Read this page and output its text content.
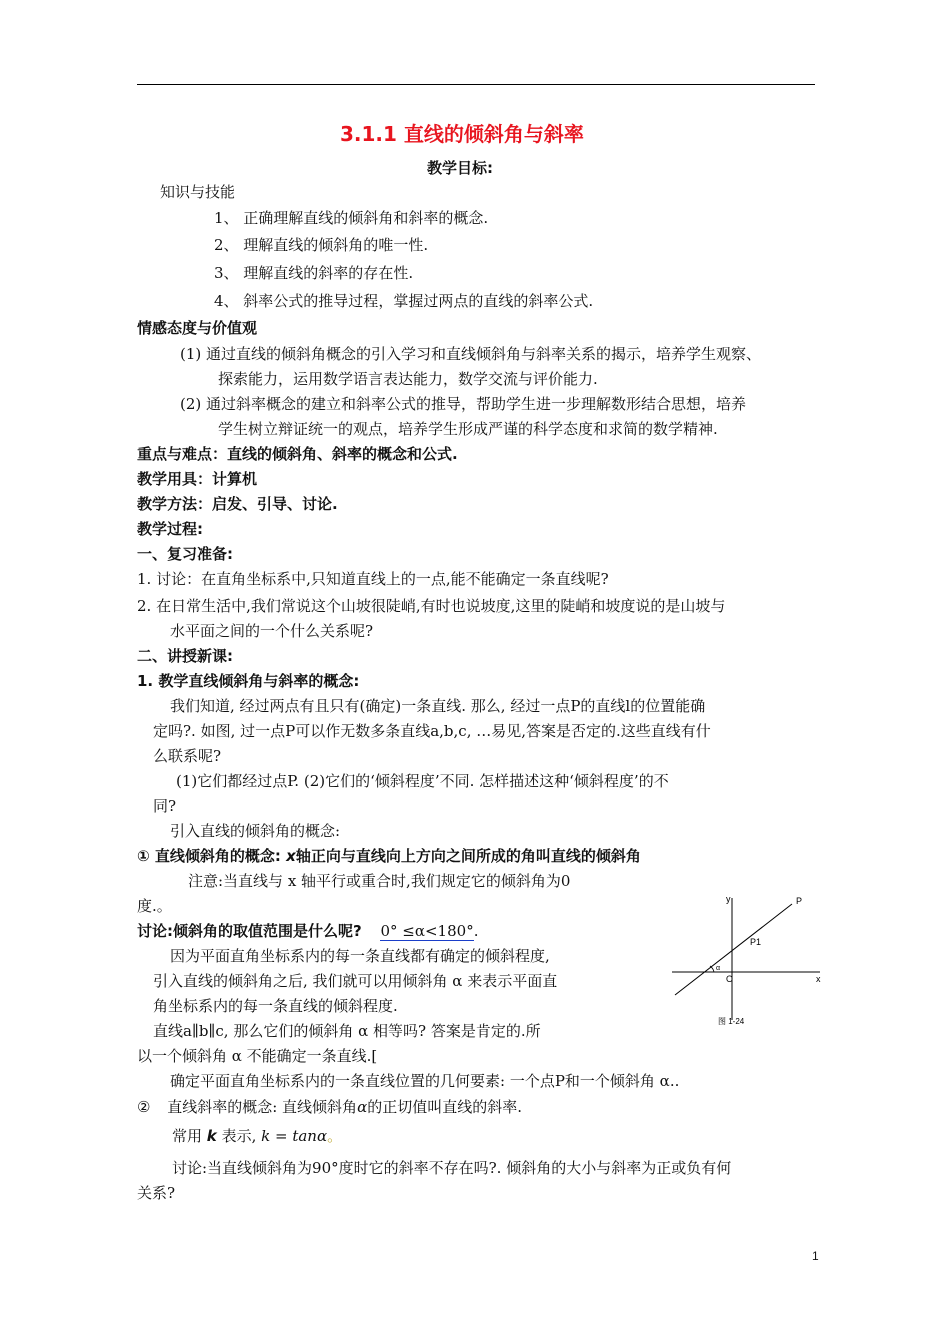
3.1.1 直线的倾斜角与斜率
教学目标:
知识与技能
1、 正确理解直线的倾斜角和斜率的概念.
2、 理解直线的倾斜角的唯一性.
3、 理解直线的斜率的存在性.
4、 斜率公式的推导过程，掌握过两点的直线的斜率公式.
情感态度与价值观
(1) 通过直线的倾斜角概念的引入学习和直线倾斜角与斜率关系的揭示，培养学生观察、
探索能力，运用数学语言表达能力，数学交流与评价能力.
(2) 通过斜率概念的建立和斜率公式的推导，帮助学生进一步理解数形结合思想，培养
学生树立辩证统一的观点，培养学生形成严谨的科学态度和求简的数学精神.
重点与难点：直线的倾斜角、斜率的概念和公式.
教学用具：计算机
教学方法：启发、引导、讨论.
教学过程:
一、复习准备:
1. 讨论：在直角坐标系中,只知道直线上的一点,能不能确定一条直线呢?
2. 在日常生活中,我们常说这个山坡很陡峭,有时也说坡度,这里的陡峭和坡度说的是山坡与
水平面之间的一个什么关系呢?
二、讲授新课:
1. 教学直线倾斜角与斜率的概念:
我们知道, 经过两点有且只有(确定)一条直线. 那么, 经过一点P的直线l的位置能确
定吗?. 如图, 过一点P可以作无数多条直线a,b,c, …易见,答案是否定的.这些直线有什
么联系呢?
(1)它们都经过点P. (2)它们的‘倾斜程度’不同. 怎样描述这种‘倾斜程度’的不
同?
引入直线的倾斜角的概念:
① 直线倾斜角的概念: x轴正向与直线向上方向之间所成的角叫直线的倾斜角
注意:当直线与 x 轴平行或重合时,我们规定它的倾斜角为0
度.。
讨论:倾斜角的取值范围是什么呢? 0° ≤α<180°.
因为平面直角坐标系内的每一条直线都有确定的倾斜程度,
引入直线的倾斜角之后, 我们就可以用倾斜角 α 来表示平面直
角坐标系内的每一条直线的倾斜程度.
直线a∥b∥c, 那么它们的倾斜角 α 相等吗? 答案是肯定的.所
以一个倾斜角 α 不能确定一条直线.[
确定平面直角坐标系内的一条直线位置的几何要素: 一个点P和一个倾斜角 α..
② 直线斜率的概念: 直线倾斜角α的正切值叫直线的斜率.
常用 k 表示, k = tanα。
讨论:当直线倾斜角为90°度时它的斜率不存在吗?. 倾斜角的大小与斜率为正或负有何
关系?
y
x
P
P1
O
α
图 1-24
1
